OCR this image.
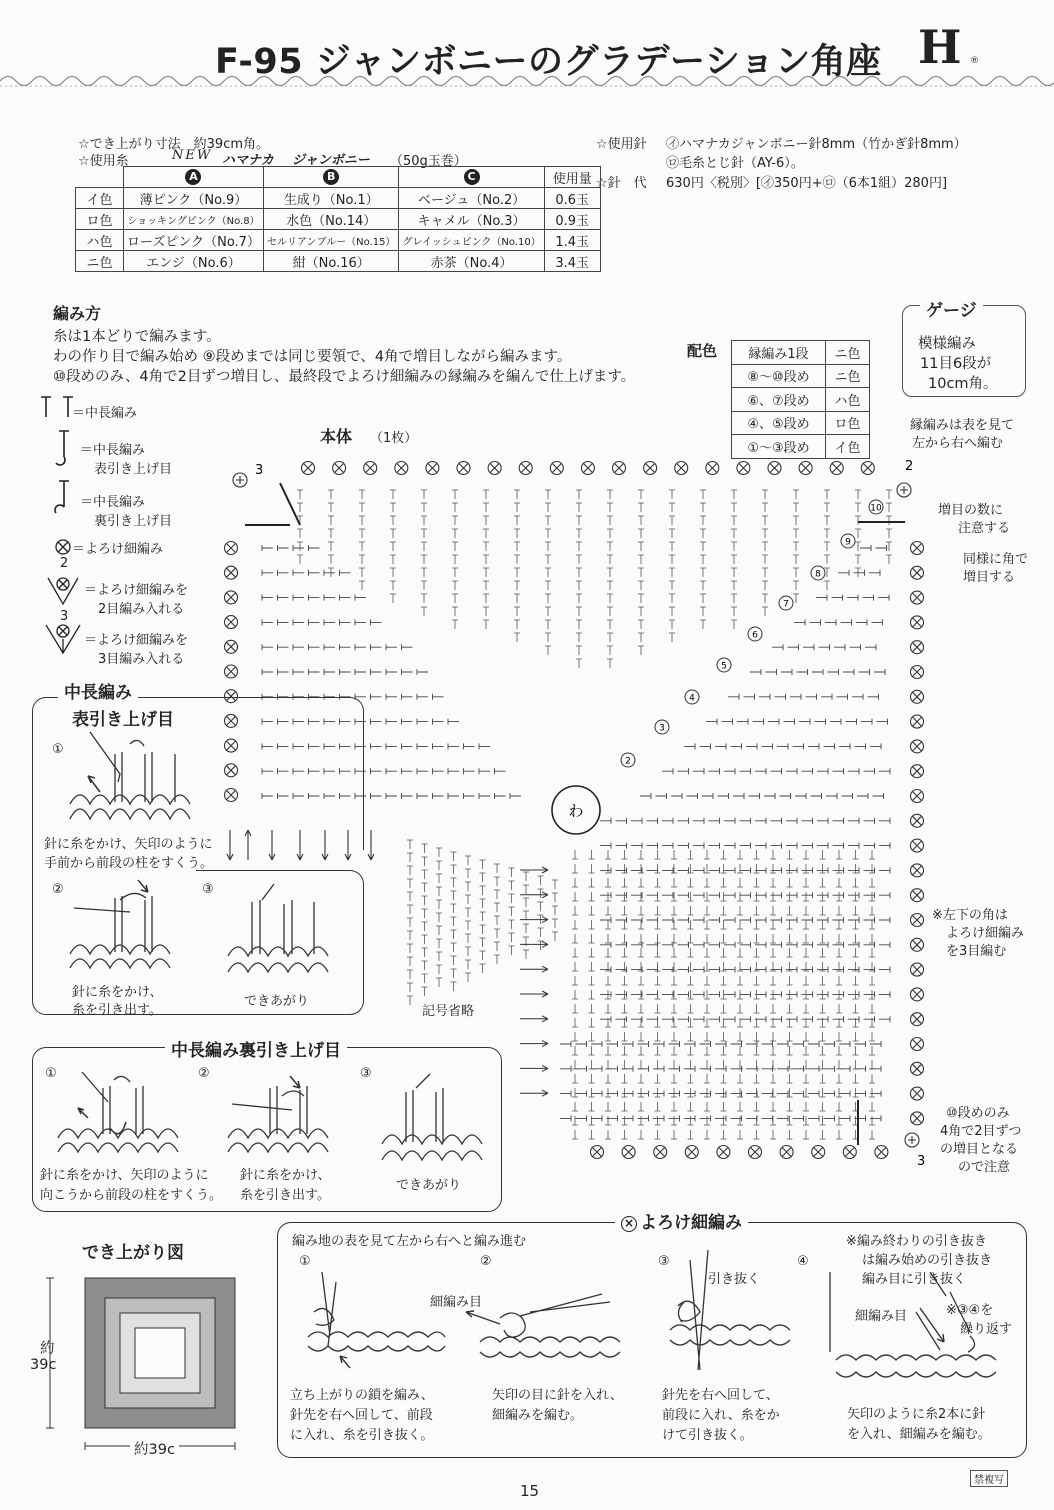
F-95 ジャンボニーのグラデーション角座 H ®
☆でき上がり寸法　約39cm角。
☆使用糸	NEW ハマナカ ジャンボニー （50g玉巻）
☆使用針 ㋑ハマナカジャンボニー針8mm（竹かぎ針8mm）
㋺毛糸とじ針（AY-6）。
☆針　代 630円〈税別〉[㋑350円+㋺（6本1組）280円]
	A	B	C	使用量
イ色	薄ピンク（No.9）	生成り（No.1）	ベージュ（No.2）	0.6玉
ロ色	ショッキングピンク（No.8）	水色（No.14）	キャメル（No.3）	0.9玉
ハ色	ローズピンク（No.7）	セルリアンブルー（No.15）	グレイッシュピンク（No.10）	1.4玉
ニ色	エンジ（No.6）	紺（No.16）	赤茶（No.4）	3.4玉
編み方
糸は1本どりで編みます。
わの作り目で編み始め ⑨段めまでは同じ要領で、4角で増目しながら編みます。
⑩段めのみ、4角で2目ずつ増目し、最終段でよろけ細編みの縁編みを編んで仕上げます。
配色 縁編み1段	ニ色
⑧～⑩段め	ニ色
⑥、⑦段め	ハ色
④、⑤段め	ロ色
①～③段め	イ色
ゲージ
模様編み
11目6段が
10cm角。
＝中長編み
＝中長編み
表引き上げ目
＝中長編み
裏引き上げ目
＝よろけ細編み
2
＝よろけ細編みを
2目編み入れる
3
＝よろけ細編みを
3目編み入れる
本体 （1枚）
2
3
4
5
6
7
8
9
10
わ
3	2
3
記号省略
縁編みは表を見て
左から右へ編む
増目の数に
注意する
同様に角で
増目する
※左下の角は
よろけ細編み
を3目編む
⑩段めのみ
4角で2目ずつ
の増目となる
ので注意
中長編み
表引き上げ目
①
針に糸をかけ、矢印のように
手前から前段の柱をすくう。
②
針に糸をかけ、
糸を引き出す。
③
できあがり
中長編み裏引き上げ目
①
針に糸をかけ、矢印のように
向こうから前段の柱をすくう。
②
針に糸をかけ、
糸を引き出す。
③
できあがり
でき上がり図
約
39c
約39c
× よろけ細編み
編み地の表を見て左から右へと編み進む
①
立ち上がりの鎖を編み、
針先を右へ回して、前段
に入れ、糸を引き抜く。
②
細編み目
矢印の目に針を入れ、
細編みを編む。
③
引き抜く
針先を右へ回して、
前段に入れ、糸をか
けて引き抜く。
④
※編み終わりの引き抜き
は編み始めの引き抜き
編み目に引き抜く
※③④を
繰り返す
細編み目
矢印のように糸2本に針
を入れ、細編みを編む。
15
禁複写
